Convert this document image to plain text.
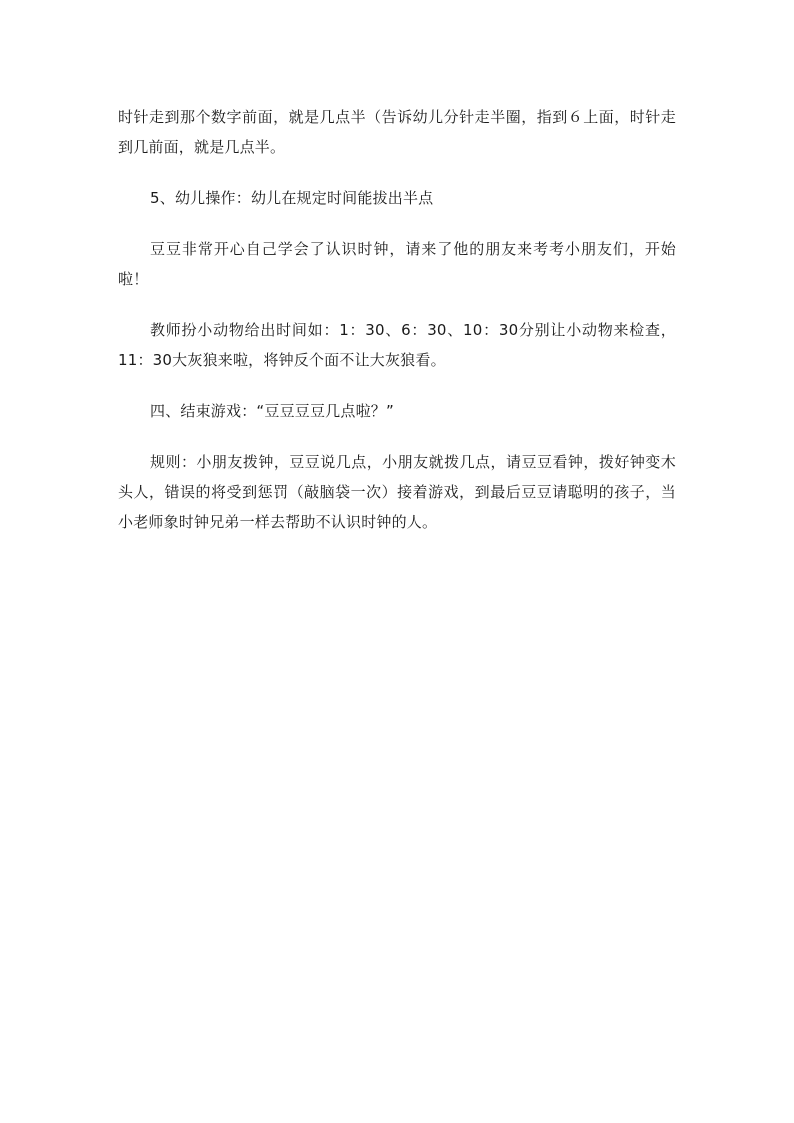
时针走到那个数字前面，就是几点半（告诉幼儿分针走半圈，指到６上面，时针走到几前面，就是几点半。

5、幼儿操作：幼儿在规定时间能拔出半点

豆豆非常开心自己学会了认识时钟，请来了他的朋友来考考小朋友们，开始啦！

教师扮小动物给出时间如：1：30、6：30、10：30分别让小动物来检查，11：30大灰狼来啦，将钟反个面不让大灰狼看。

四、结束游戏：“豆豆豆豆几点啦？”

规则：小朋友拨钟，豆豆说几点，小朋友就拨几点，请豆豆看钟，拨好钟变木头人，错误的将受到惩罚（敲脑袋一次）接着游戏，到最后豆豆请聪明的孩子，当小老师象时钟兄弟一样去帮助不认识时钟的人。
